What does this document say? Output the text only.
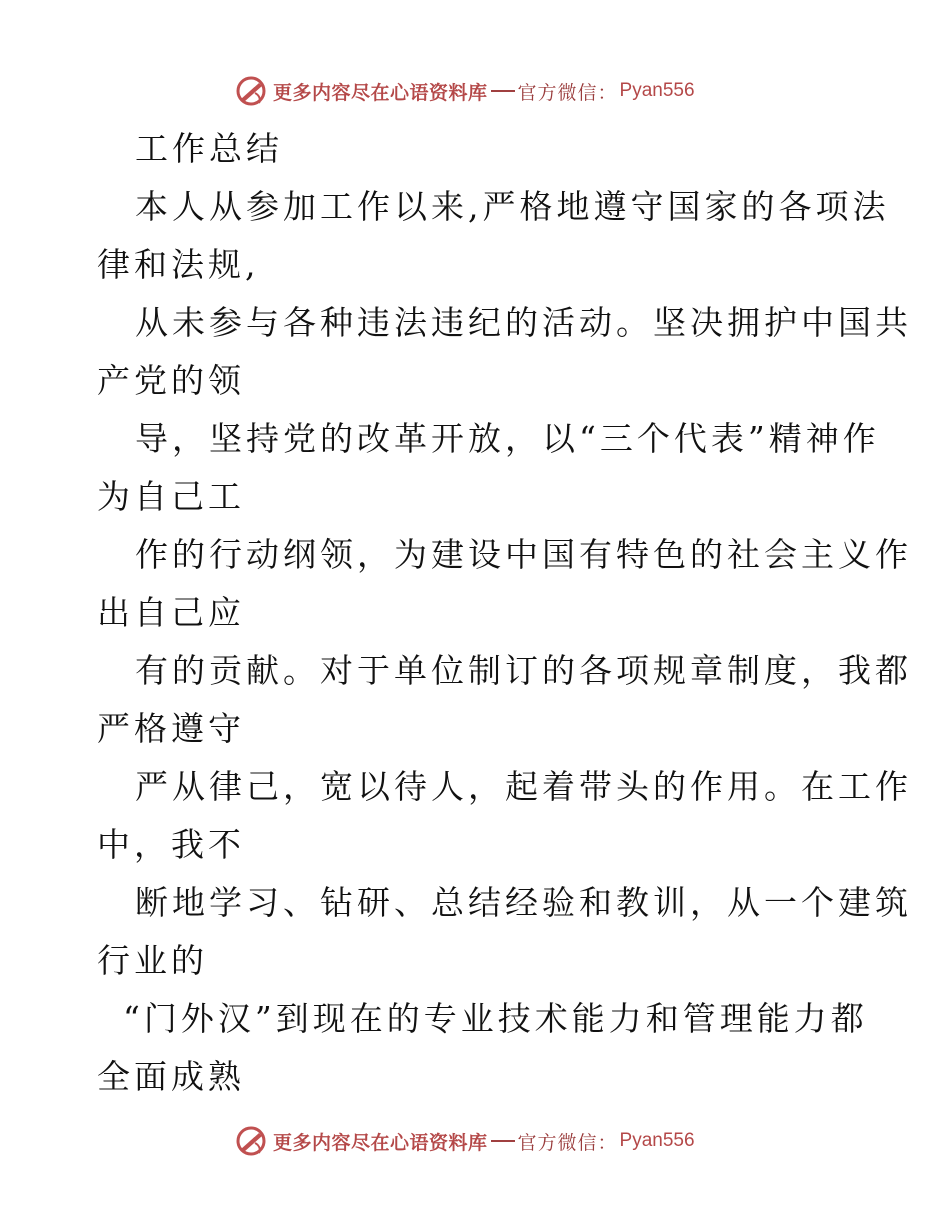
更多内容尽在心语资料库 官方微信： Pyan556
工作总结
本人从参加工作以来,严格地遵守国家的各项法
律和法规,
从未参与各种违法违纪的活动。坚决拥护中国共
产党的领
导，坚持党的改革开放，以“三个代表”精神作
为自己工
作的行动纲领，为建设中国有特色的社会主义作
出自己应
有的贡献。对于单位制订的各项规章制度，我都
严格遵守
严从律己，宽以待人，起着带头的作用。在工作
中，我不
断地学习、钻研、总结经验和教训，从一个建筑
行业的
“门外汉”到现在的专业技术能力和管理能力都
全面成熟
更多内容尽在心语资料库 官方微信： Pyan556
